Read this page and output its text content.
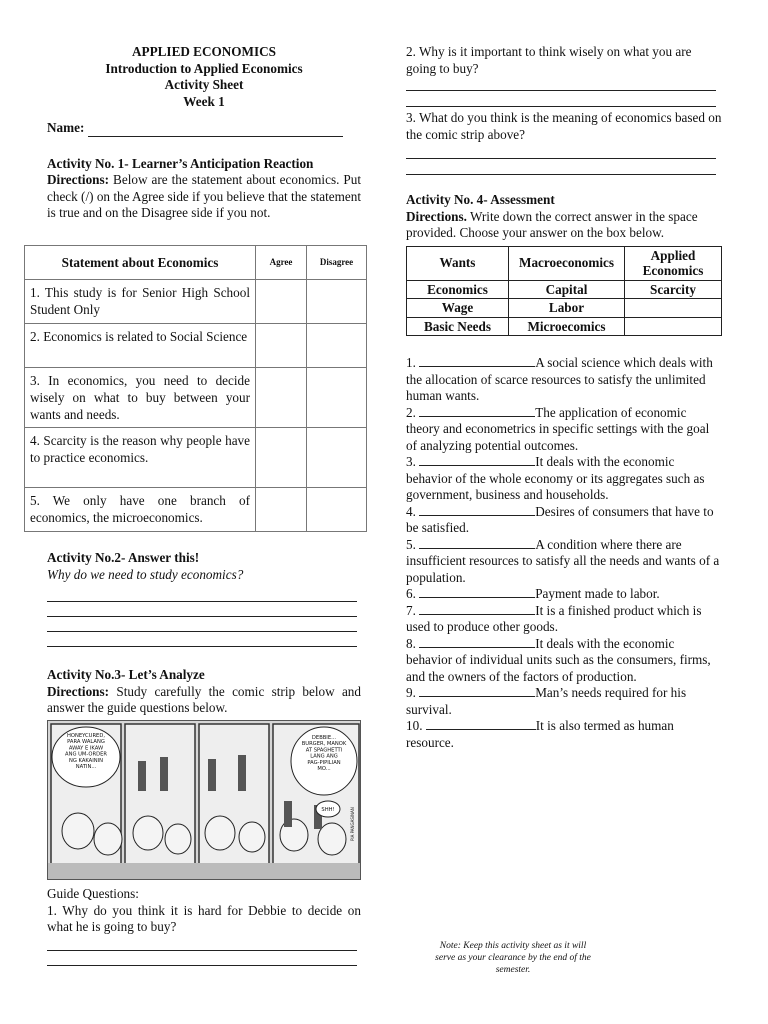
APPLIED ECONOMICS
Introduction to Applied Economics
Activity Sheet
Week 1
Name:
Activity No. 1- Learner’s Anticipation Reaction
Directions: Below are the statement about economics. Put check (/) on the Agree side if you believe that the statement is true and on the Disagree side if you not.
Statement about Economics	Agree	Disagree
1. This study is for Senior High School Student Only		
2. Economics is related to Social Science		
3. In economics, you need to decide wisely on what to buy between your wants and needs.		
4. Scarcity is the reason why people have to practice economics.		
5. We only have one branch of economics, the microeconomics.		
Activity No.2- Answer this!
Why do we need to study economics?
Activity No.3- Let’s Analyze
Directions: Study carefully the comic strip below and answer the guide questions below.
HONEYCURED, PARA WALANG AWAY E IKAW ANG UM-ORDER NG KAKAININ NATIN...
DEBBIE... BURGER, MANOK AT SPAGHETTI LANG ANG PAG-PIPILIAN MO...
SHH!	PIA PANGASINAN
Guide Questions:
1. Why do you think it is hard for Debbie to decide on what he is going to buy?
2. Why is it important to think wisely on what you are going to buy?
3. What do you think is the meaning of economics based on the comic strip above?
Activity No. 4- Assessment
Directions. Write down the correct answer in the space provided. Choose your answer on the box below.
Wants	Macroeconomics	Applied Economics
Economics	Capital	Scarcity
Wage	Labor	
Basic Needs	Microecomics	
1.	A social science which deals with the allocation of scarce resources to satisfy the unlimited human wants.
2.	The application of economic theory and econometrics in specific settings with the goal of analyzing potential outcomes.
3.	It deals with the economic behavior of the whole economy or its aggregates such as government, business and households.
4.	Desires of consumers that have to be satisfied.
5.	A condition where there are insufficient resources to satisfy all the needs and wants of a population.
6.	Payment made to labor.
7.	It is a finished product which is used to produce other goods.
8.	It deals with the economic behavior of individual units such as the consumers, firms, and the owners of the factors of production.
9.	Man’s needs required for his survival.
10.	It is also termed as human resource.
Note: Keep this activity sheet as it will serve as your clearance by the end of the semester.
